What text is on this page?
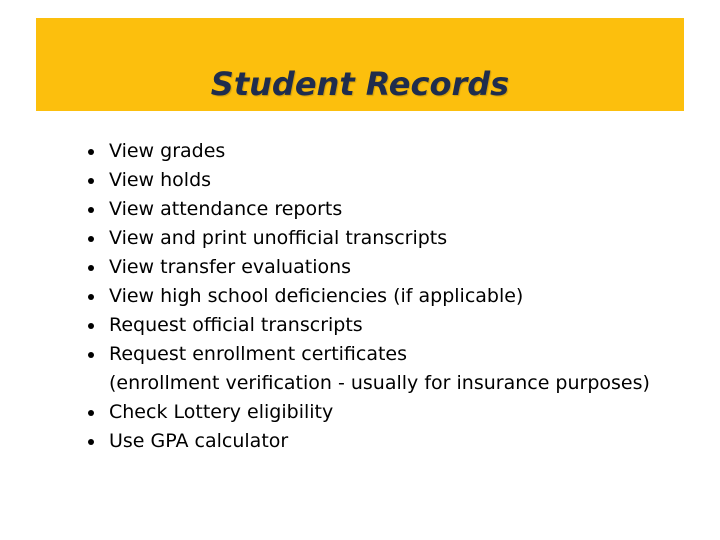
Student Records
View grades
View holds
View attendance reports
View and print unofficial transcripts
View transfer evaluations
View high school deficiencies (if applicable)
Request official transcripts
Request enrollment certificates
(enrollment verification - usually for insurance purposes)
Check Lottery eligibility
Use GPA calculator
